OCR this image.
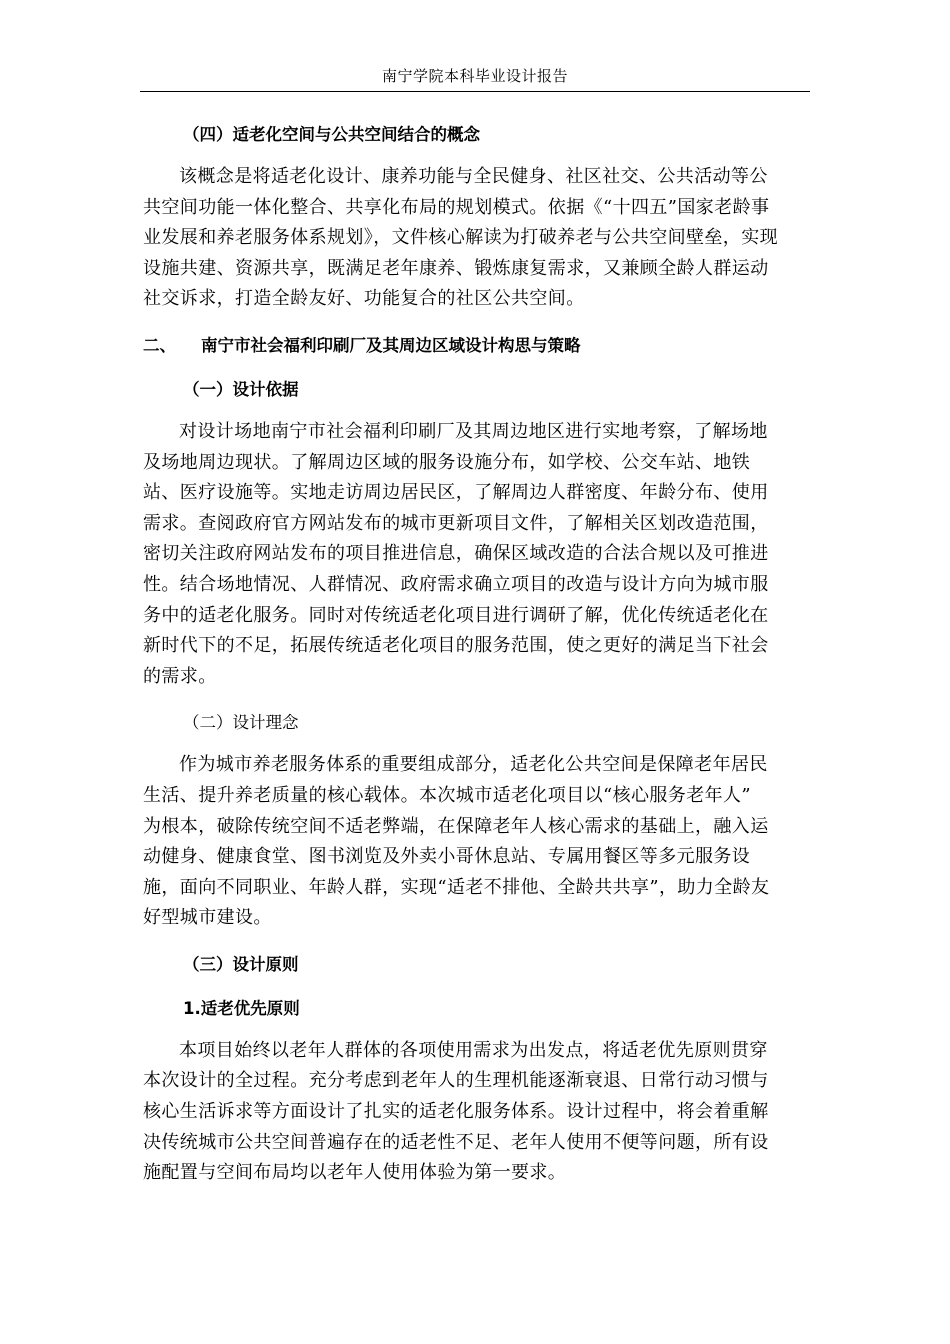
南宁学院本科毕业设计报告
（四）适老化空间与公共空间结合的概念
该概念是将适老化设计、康养功能与全民健身、社区社交、公共活动等公
共空间功能一体化整合、共享化布局的规划模式。依据《“十四五”国家老龄事
业发展和养老服务体系规划》，文件核心解读为打破养老与公共空间壁垒，实现
设施共建、资源共享，既满足老年康养、锻炼康复需求，又兼顾全龄人群运动
社交诉求，打造全龄友好、功能复合的社区公共空间。
二、 南宁市社会福利印刷厂及其周边区域设计构思与策略
（一）设计依据
对设计场地南宁市社会福利印刷厂及其周边地区进行实地考察，了解场地
及场地周边现状。了解周边区域的服务设施分布，如学校、公交车站、地铁
站、医疗设施等。实地走访周边居民区，了解周边人群密度、年龄分布、使用
需求。查阅政府官方网站发布的城市更新项目文件，了解相关区划改造范围，
密切关注政府网站发布的项目推进信息，确保区域改造的合法合规以及可推进
性。结合场地情况、人群情况、政府需求确立项目的改造与设计方向为城市服
务中的适老化服务。同时对传统适老化项目进行调研了解，优化传统适老化在
新时代下的不足，拓展传统适老化项目的服务范围，使之更好的满足当下社会
的需求。
（二）设计理念
作为城市养老服务体系的重要组成部分，适老化公共空间是保障老年居民
生活、提升养老质量的核心载体。本次城市适老化项目以“核心服务老年人”
为根本，破除传统空间不适老弊端，在保障老年人核心需求的基础上，融入运
动健身、健康食堂、图书浏览及外卖小哥休息站、专属用餐区等多元服务设
施，面向不同职业、年龄人群，实现“适老不排他、全龄共共享”，助力全龄友
好型城市建设。
（三）设计原则
1.适老优先原则
本项目始终以老年人群体的各项使用需求为出发点，将适老优先原则贯穿
本次设计的全过程。充分考虑到老年人的生理机能逐渐衰退、日常行动习惯与
核心生活诉求等方面设计了扎实的适老化服务体系。设计过程中，将会着重解
决传统城市公共空间普遍存在的适老性不足、老年人使用不便等问题，所有设
施配置与空间布局均以老年人使用体验为第一要求。
